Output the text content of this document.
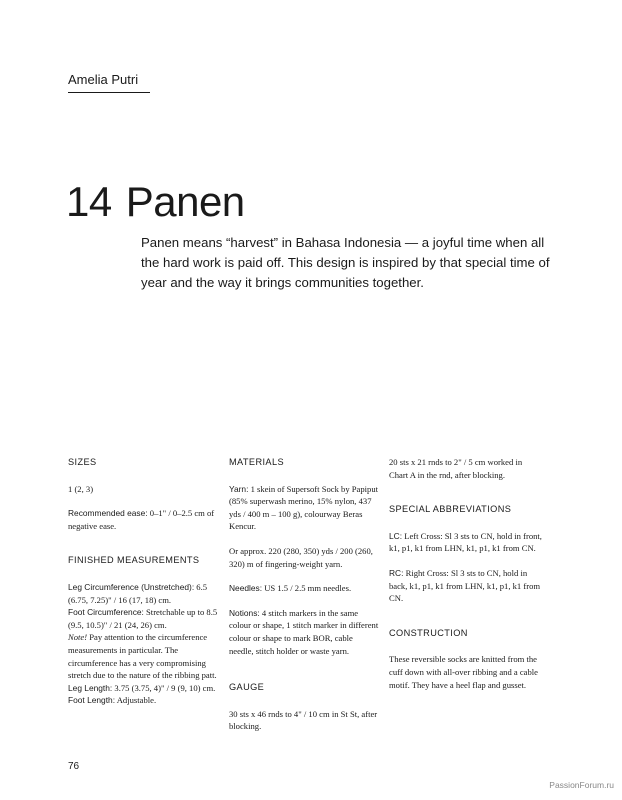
Amelia Putri
14 Panen

Panen means “harvest” in Bahasa Indonesia — a joyful time when all the hard work is paid off. This design is inspired by that special time of year and the way it brings communities together.

SIZES

1 (2, 3)

Recommended ease: 0–1" / 0–2.5 cm of negative ease.

FINISHED MEASUREMENTS

Leg Circumference (Unstretched): 6.5 (6.75, 7.25)" / 16 (17, 18) cm.

Foot Circumference: Stretchable up to 8.5 (9.5, 10.5)" / 21 (24, 26) cm.

Note! Pay attention to the circumference measurements in particular. The circumference has a very compromising stretch due to the nature of the ribbing patt.

Leg Length: 3.75 (3.75, 4)" / 9 (9, 10) cm.

Foot Length: Adjustable.

MATERIALS

Yarn: 1 skein of Supersoft Sock by Papiput (85% superwash merino, 15% nylon, 437 yds / 400 m – 100 g), colourway Beras Kencur.

Or approx. 220 (280, 350) yds / 200 (260, 320) m of fingering-weight yarn.

Needles: US 1.5 / 2.5 mm needles.

Notions: 4 stitch markers in the same colour or shape, 1 stitch marker in different colour or shape to mark BOR, cable needle, stitch holder or waste yarn.

GAUGE

30 sts x 46 rnds to 4" / 10 cm in St St, after blocking.

20 sts x 21 rnds to 2" / 5 cm worked in Chart A in the rnd, after blocking.

SPECIAL ABBREVIATIONS

LC: Left Cross: Sl 3 sts to CN, hold in front, k1, p1, k1 from LHN, k1, p1, k1 from CN.

RC: Right Cross: Sl 3 sts to CN, hold in back, k1, p1, k1 from LHN, k1, p1, k1 from CN.

CONSTRUCTION

These reversible socks are knitted from the cuff down with all-over ribbing and a cable motif. They have a heel flap and gusset.

76
PassionForum.ru
